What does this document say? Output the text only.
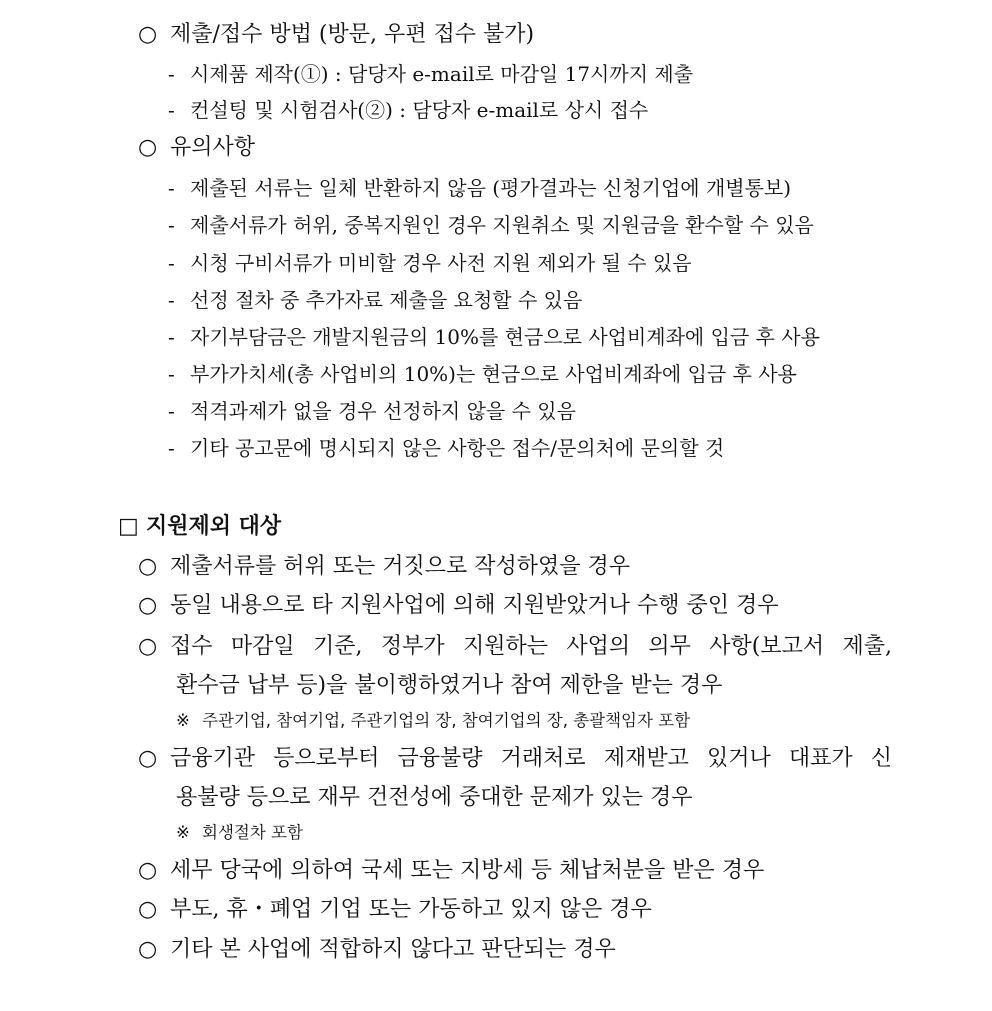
○ 제출/접수 방법 (방문, 우편 접수 불가)
- 시제품 제작(①) : 담당자 e-mail로 마감일 17시까지 제출
- 컨설팅 및 시험검사(②) : 담당자 e-mail로 상시 접수
○ 유의사항
- 제출된 서류는 일체 반환하지 않음 (평가결과는 신청기업에 개별통보)
- 제출서류가 허위, 중복지원인 경우 지원취소 및 지원금을 환수할 수 있음
- 시청 구비서류가 미비할 경우 사전 지원 제외가 될 수 있음
- 선정 절차 중 추가자료 제출을 요청할 수 있음
- 자기부담금은 개발지원금의 10%를 현금으로 사업비계좌에 입금 후 사용
- 부가가치세(총 사업비의 10%)는 현금으로 사업비계좌에 입금 후 사용
- 적격과제가 없을 경우 선정하지 않을 수 있음
- 기타 공고문에 명시되지 않은 사항은 접수/문의처에 문의할 것
□ 지원제외 대상
○ 제출서류를 허위 또는 거짓으로 작성하였을 경우
○ 동일 내용으로 타 지원사업에 의해 지원받았거나 수행 중인 경우
○ 접수 마감일 기준, 정부가 지원하는 사업의 의무 사항(보고서 제출,
환수금 납부 등)을 불이행하였거나 참여 제한을 받는 경우
※ 주관기업, 참여기업, 주관기업의 장, 참여기업의 장, 총괄책임자 포함
○ 금융기관 등으로부터 금융불량 거래처로 제재받고 있거나 대표가 신
용불량 등으로 재무 건전성에 중대한 문제가 있는 경우
※ 회생절차 포함
○ 세무 당국에 의하여 국세 또는 지방세 등 체납처분을 받은 경우
○ 부도, 휴・폐업 기업 또는 가동하고 있지 않은 경우
○ 기타 본 사업에 적합하지 않다고 판단되는 경우
